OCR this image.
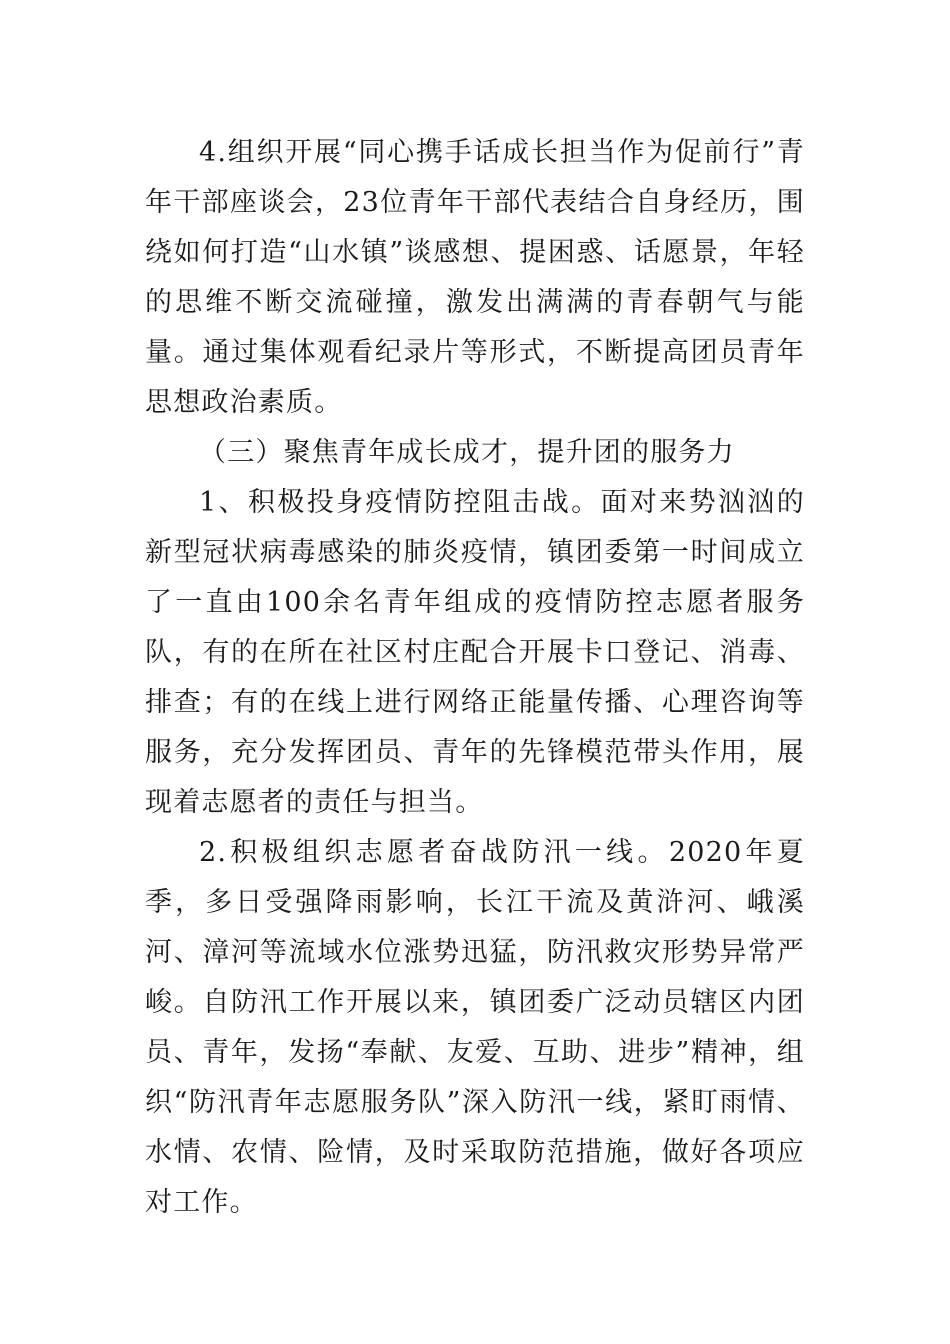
4.组织开展“同心携手话成长担当作为促前行”青年干部座谈会，23位青年干部代表结合自身经历，围绕如何打造“山水镇”谈感想、提困惑、话愿景，年轻的思维不断交流碰撞，激发出满满的青春朝气与能量。通过集体观看纪录片等形式，不断提高团员青年思想政治素质。

（三）聚焦青年成长成才，提升团的服务力

1、积极投身疫情防控阻击战。面对来势汹汹的新型冠状病毒感染的肺炎疫情，镇团委第一时间成立了一直由100余名青年组成的疫情防控志愿者服务队，有的在所在社区村庄配合开展卡口登记、消毒、排查；有的在线上进行网络正能量传播、心理咨询等服务，充分发挥团员、青年的先锋模范带头作用，展现着志愿者的责任与担当。

2.积极组织志愿者奋战防汛一线。2020年夏季，多日受强降雨影响，长江干流及黄浒河、峨溪河、漳河等流域水位涨势迅猛，防汛救灾形势异常严峻。自防汛工作开展以来，镇团委广泛动员辖区内团员、青年，发扬“奉献、友爱、互助、进步”精神，组织“防汛青年志愿服务队”深入防汛一线，紧盯雨情、水情、农情、险情，及时采取防范措施，做好各项应对工作。
